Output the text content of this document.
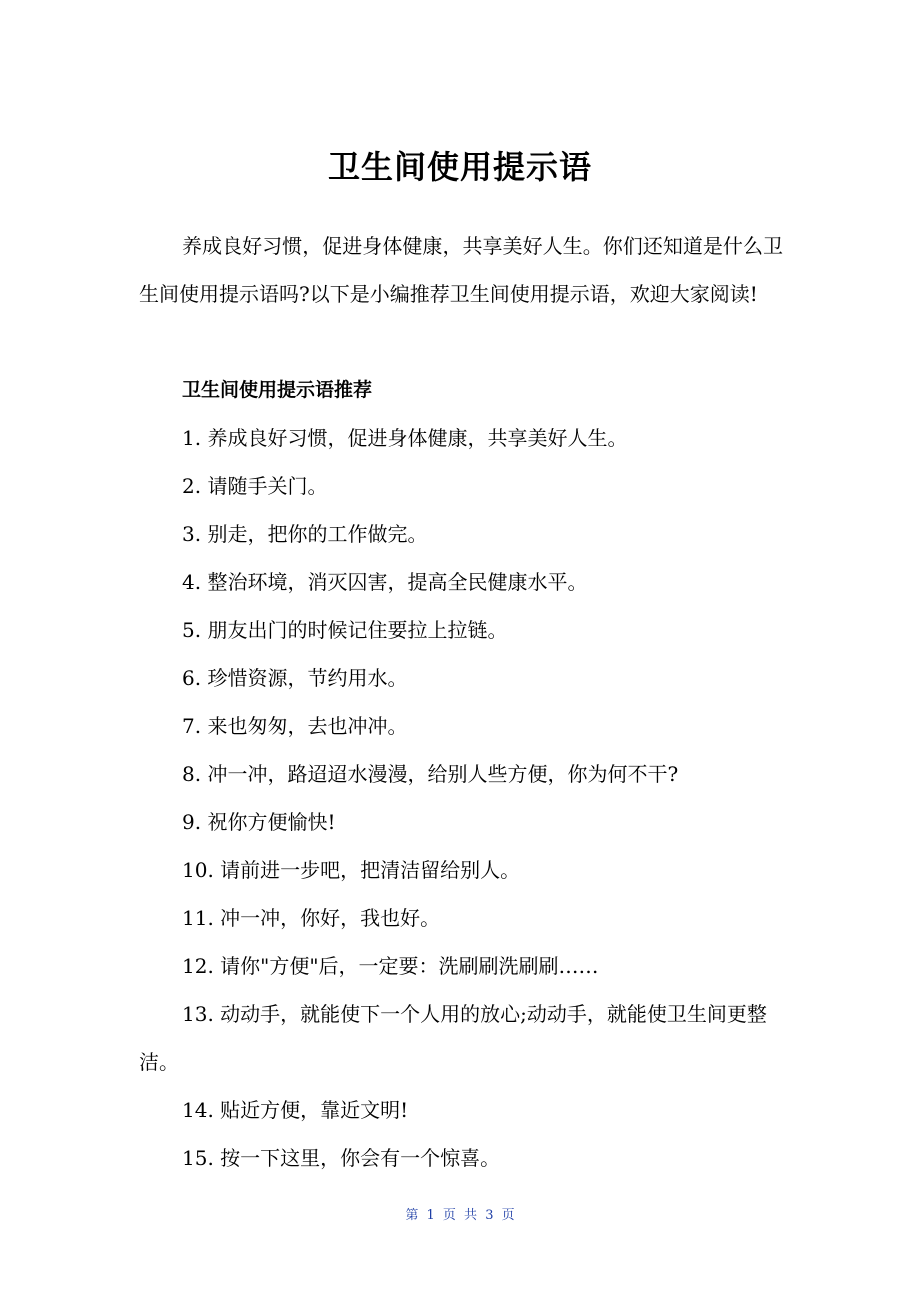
卫生间使用提示语

养成良好习惯，促进身体健康，共享美好人生。你们还知道是什么卫生间使用提示语吗?以下是小编推荐卫生间使用提示语，欢迎大家阅读!

卫生间使用提示语推荐
1. 养成良好习惯，促进身体健康，共享美好人生。
2. 请随手关门。
3. 别走，把你的工作做完。
4. 整治环境，消灭囚害，提高全民健康水平。
5. 朋友出门的时候记住要拉上拉链。
6. 珍惜资源，节约用水。
7. 来也匆匆，去也冲冲。
8. 冲一冲，路迢迢水漫漫，给别人些方便，你为何不干?
9. 祝你方便愉快!
10. 请前进一步吧，把清洁留给别人。
11. 冲一冲，你好，我也好。
12. 请你"方便"后，一定要：洗刷刷洗刷刷……
13. 动动手，就能使下一个人用的放心;动动手，就能使卫生间更整洁。
14. 贴近方便，靠近文明!
15. 按一下这里，你会有一个惊喜。
第 1 页 共 3 页
